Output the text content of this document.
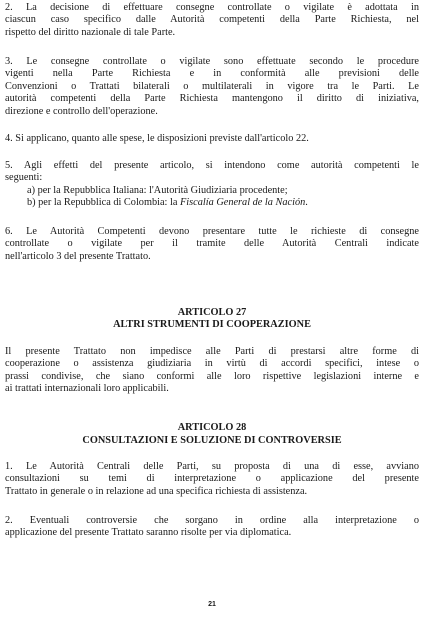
2. La decisione di effettuare consegne controllate o vigilate è adottata in
ciascun caso specifico dalle Autorità competenti della Parte Richiesta, nel
rispetto del diritto nazionale di tale Parte.
3. Le consegne controllate o vigilate sono effettuate secondo le procedure
vigenti nella Parte Richiesta e in conformità alle previsioni delle
Convenzioni o Trattati bilaterali o multilaterali in vigore tra le Parti. Le
autorità competenti della Parte Richiesta mantengono il diritto di iniziativa,
direzione e controllo dell'operazione.
4. Si applicano, quanto alle spese, le disposizioni previste dall'articolo 22.
5. Agli effetti del presente articolo, si intendono come autorità competenti le
seguenti:
a) per la Repubblica Italiana: l'Autorità Giudiziaria procedente;
b) per la Repubblica di Colombia: la Fiscalía General de la Nación.
6. Le Autorità Competenti devono presentare tutte le richieste di consegne
controllate o vigilate per il tramite delle Autorità Centrali indicate
nell'articolo 3 del presente Trattato.
ARTICOLO 27
ALTRI STRUMENTI DI COOPERAZIONE
Il presente Trattato non impedisce alle Parti di prestarsi altre forme di
cooperazione o assistenza giudiziaria in virtù di accordi specifici, intese o
prassi condivise, che siano conformi alle loro rispettive legislazioni interne e
ai trattati internazionali loro applicabili.
ARTICOLO 28
CONSULTAZIONI E SOLUZIONE DI CONTROVERSIE
1. Le Autorità Centrali delle Parti, su proposta di una di esse, avviano
consultazioni su temi di interpretazione o applicazione del presente
Trattato in generale o in relazione ad una specifica richiesta di assistenza.
2. Eventuali controversie che sorgano in ordine alla interpretazione o
applicazione del presente Trattato saranno risolte per via diplomatica.
21
